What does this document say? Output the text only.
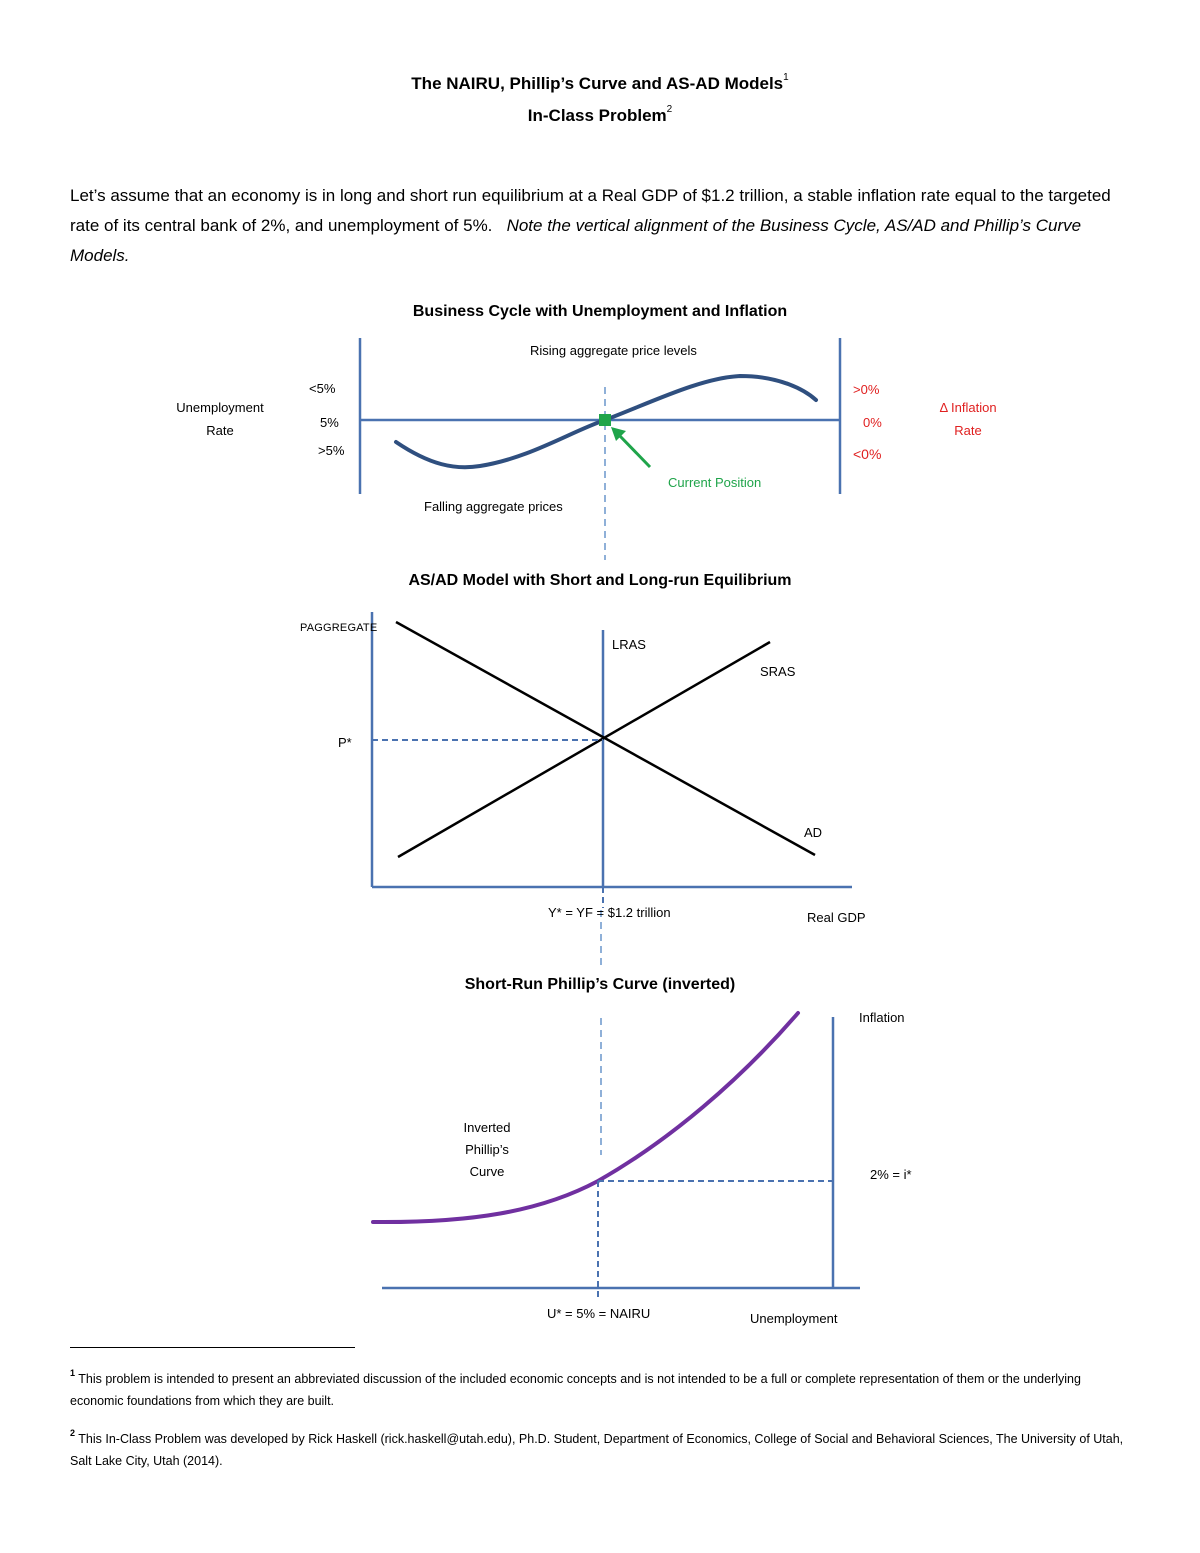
The NAIRU, Phillip’s Curve and AS-AD Models$^1$
In-Class Problem$^2$
Let’s assume that an economy is in long and short run equilibrium at a Real GDP of $1.2 trillion, a stable inflation rate equal to the targeted rate of its central bank of 2%, and unemployment of 5%. Note the vertical alignment of the Business Cycle, AS/AD and Phillip’s Curve Models.
Business Cycle with Unemployment and Inflation
Rising aggregate price levels
Falling aggregate prices
Unemployment
Rate
<5%
5%
>5%
>0%
0%
<0%
Δ Inflation
Rate
Current Position
AS/AD Model with Short and Long-run Equilibrium
PAGGREGATE
LRAS
SRAS
AD
P*
Y* = YF = $1.2 trillion	Real GDP
Short-Run Phillip’s Curve (inverted)
Inflation
Inverted
Phillip’s
Curve	2% = i*
U* = 5% = NAIRU	Unemployment
$^1$ This problem is intended to present an abbreviated discussion of the included economic concepts and is not intended to be a full or complete representation of them or the underlying economic foundations from which they are built.
$^2$ This In-Class Problem was developed by Rick Haskell (rick.haskell@utah.edu), Ph.D. Student, Department of Economics, College of Social and Behavioral Sciences, The University of Utah, Salt Lake City, Utah (2014).
